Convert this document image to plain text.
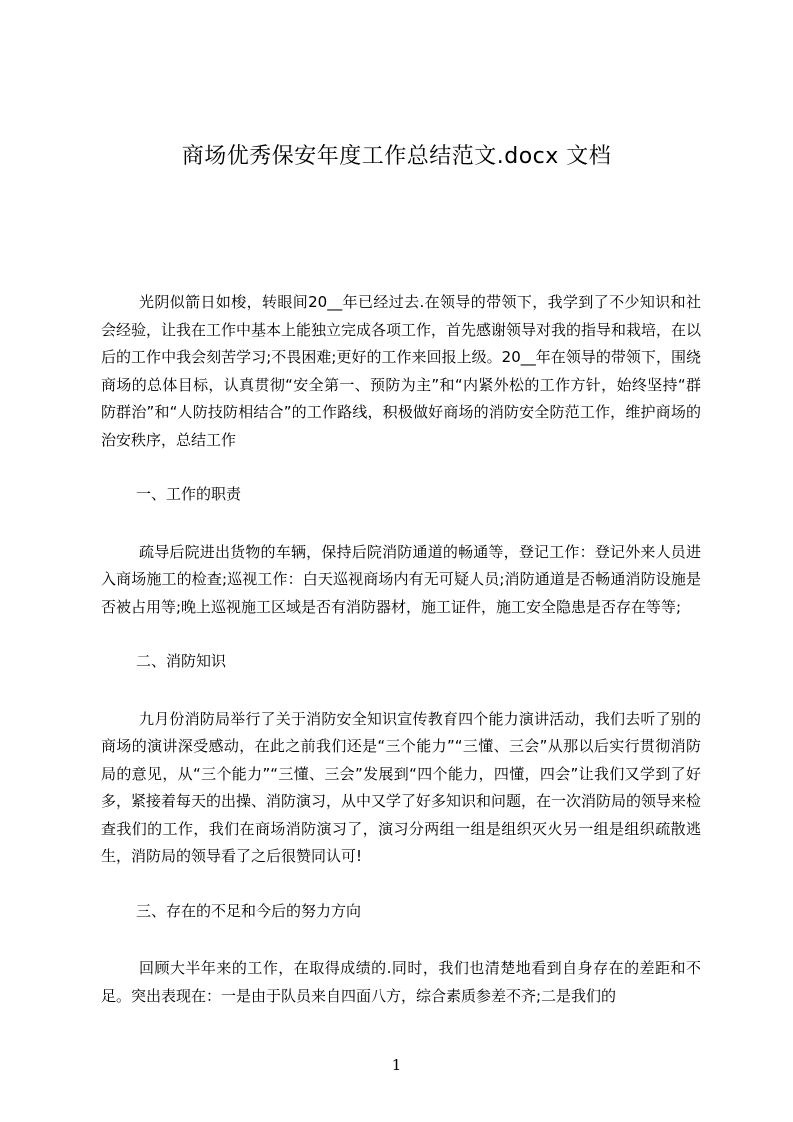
商场优秀保安年度工作总结范文.docx 文档

光阴似箭日如梭，转眼间20__年已经过去.在领导的带领下，我学到了不少知识和社会经验，让我在工作中基本上能独立完成各项工作，首先感谢领导对我的指导和栽培，在以后的工作中我会刻苦学习;不畏困难;更好的工作来回报上级。20__年在领导的带领下，围绕商场的总体目标，认真贯彻“安全第一、预防为主”和“内紧外松的工作方针，始终坚持“群防群治”和“人防技防相结合”的工作路线，积极做好商场的消防安全防范工作，维护商场的治安秩序，总结工作

一、工作的职责

疏导后院进出货物的车辆，保持后院消防通道的畅通等，登记工作：登记外来人员进入商场施工的检查;巡视工作：白天巡视商场内有无可疑人员;消防通道是否畅通消防设施是否被占用等;晚上巡视施工区域是否有消防器材，施工证件，施工安全隐患是否存在等等;

二、消防知识

九月份消防局举行了关于消防安全知识宣传教育四个能力演讲活动，我们去听了别的商场的演讲深受感动，在此之前我们还是“三个能力”“三懂、三会”从那以后实行贯彻消防局的意见，从“三个能力”“三懂、三会”发展到“四个能力，四懂，四会”让我们又学到了好多，紧接着每天的出操、消防演习，从中又学了好多知识和问题，在一次消防局的领导来检查我们的工作，我们在商场消防演习了，演习分两组一组是组织灭火另一组是组织疏散逃生，消防局的领导看了之后很赞同认可!

三、存在的不足和今后的努力方向

回顾大半年来的工作，在取得成绩的.同时，我们也清楚地看到自身存在的差距和不足。突出表现在：一是由于队员来自四面八方，综合素质参差不齐;二是我们的

1
